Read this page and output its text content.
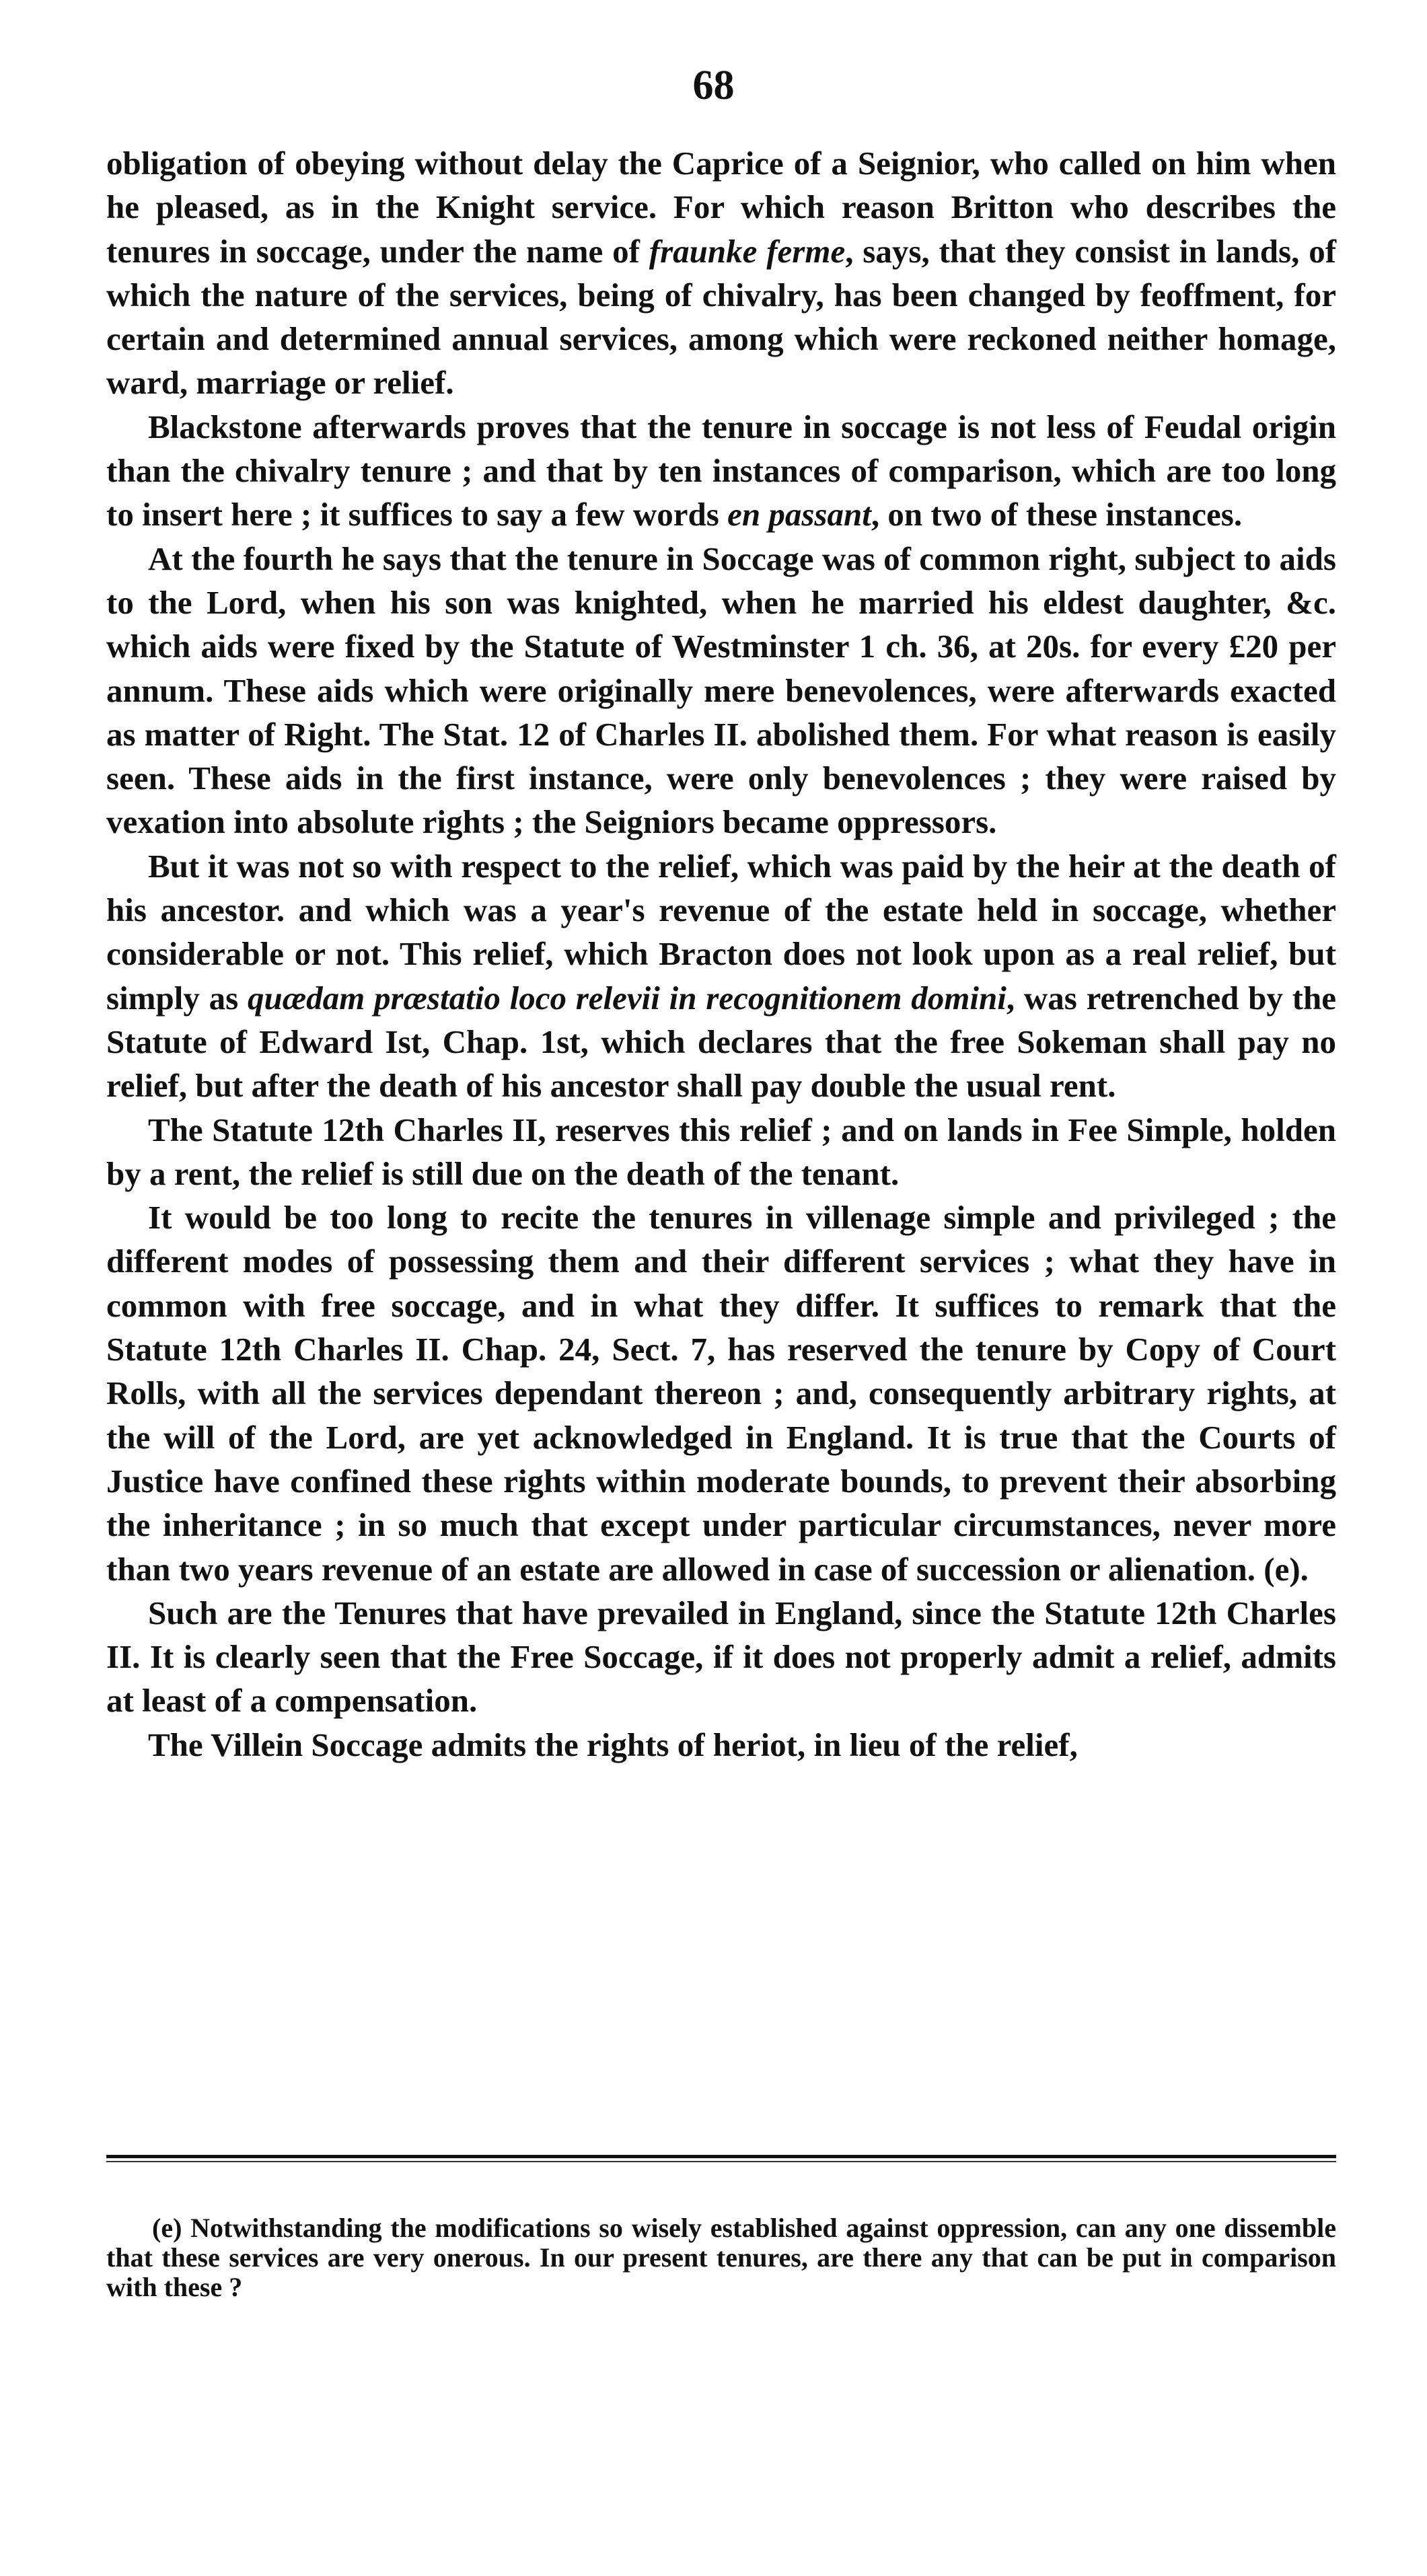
68

obligation of obeying without delay the Caprice of a Seignior, who called on him when he pleased, as in the Knight service. For which reason Britton who describes the tenures in soccage, under the name of fraunke ferme, says, that they consist in lands, of which the nature of the services, being of chivalry, has been changed by feoffment, for certain and determined annual services, among which were reckoned neither homage, ward, marriage or relief.

Blackstone afterwards proves that the tenure in soccage is not less of Feudal origin than the chivalry tenure ; and that by ten instances of comparison, which are too long to insert here ; it suffices to say a few words en passant, on two of these instances.

At the fourth he says that the tenure in Soccage was of common right, subject to aids to the Lord, when his son was knighted, when he married his eldest daughter, &c. which aids were fixed by the Statute of Westminster 1 ch. 36, at 20s. for every £20 per annum. These aids which were originally mere benevolences, were afterwards exacted as matter of Right. The Stat. 12 of Charles II. abolished them. For what reason is easily seen. These aids in the first instance, were only benevolences ; they were raised by vexation into absolute rights ; the Seigniors became oppressors.

But it was not so with respect to the relief, which was paid by the heir at the death of his ancestor. and which was a year's revenue of the estate held in soccage, whether considerable or not. This relief, which Bracton does not look upon as a real relief, but simply as quædam præstatio loco relevii in recognitionem domini, was retrenched by the Statute of Edward Ist, Chap. 1st, which declares that the free Sokeman shall pay no relief, but after the death of his ancestor shall pay double the usual rent.

The Statute 12th Charles II, reserves this relief ; and on lands in Fee Simple, holden by a rent, the relief is still due on the death of the tenant.

It would be too long to recite the tenures in villenage simple and privileged ; the different modes of possessing them and their different services ; what they have in common with free soccage, and in what they differ. It suffices to remark that the Statute 12th Charles II. Chap. 24, Sect. 7, has reserved the tenure by Copy of Court Rolls, with all the services dependant thereon ; and, consequently arbitrary rights, at the will of the Lord, are yet acknowledged in England. It is true that the Courts of Justice have confined these rights within moderate bounds, to prevent their absorbing the inheritance ; in so much that except under particular circumstances, never more than two years revenue of an estate are allowed in case of succession or alienation. (e).

Such are the Tenures that have prevailed in England, since the Statute 12th Charles II. It is clearly seen that the Free Soccage, if it does not properly admit a relief, admits at least of a compensation.

The Villein Soccage admits the rights of heriot, in lieu of the relief,

(e) Notwithstanding the modifications so wisely established against oppression, can any one dissemble that these services are very onerous. In our present tenures, are there any that can be put in comparison with these ?
